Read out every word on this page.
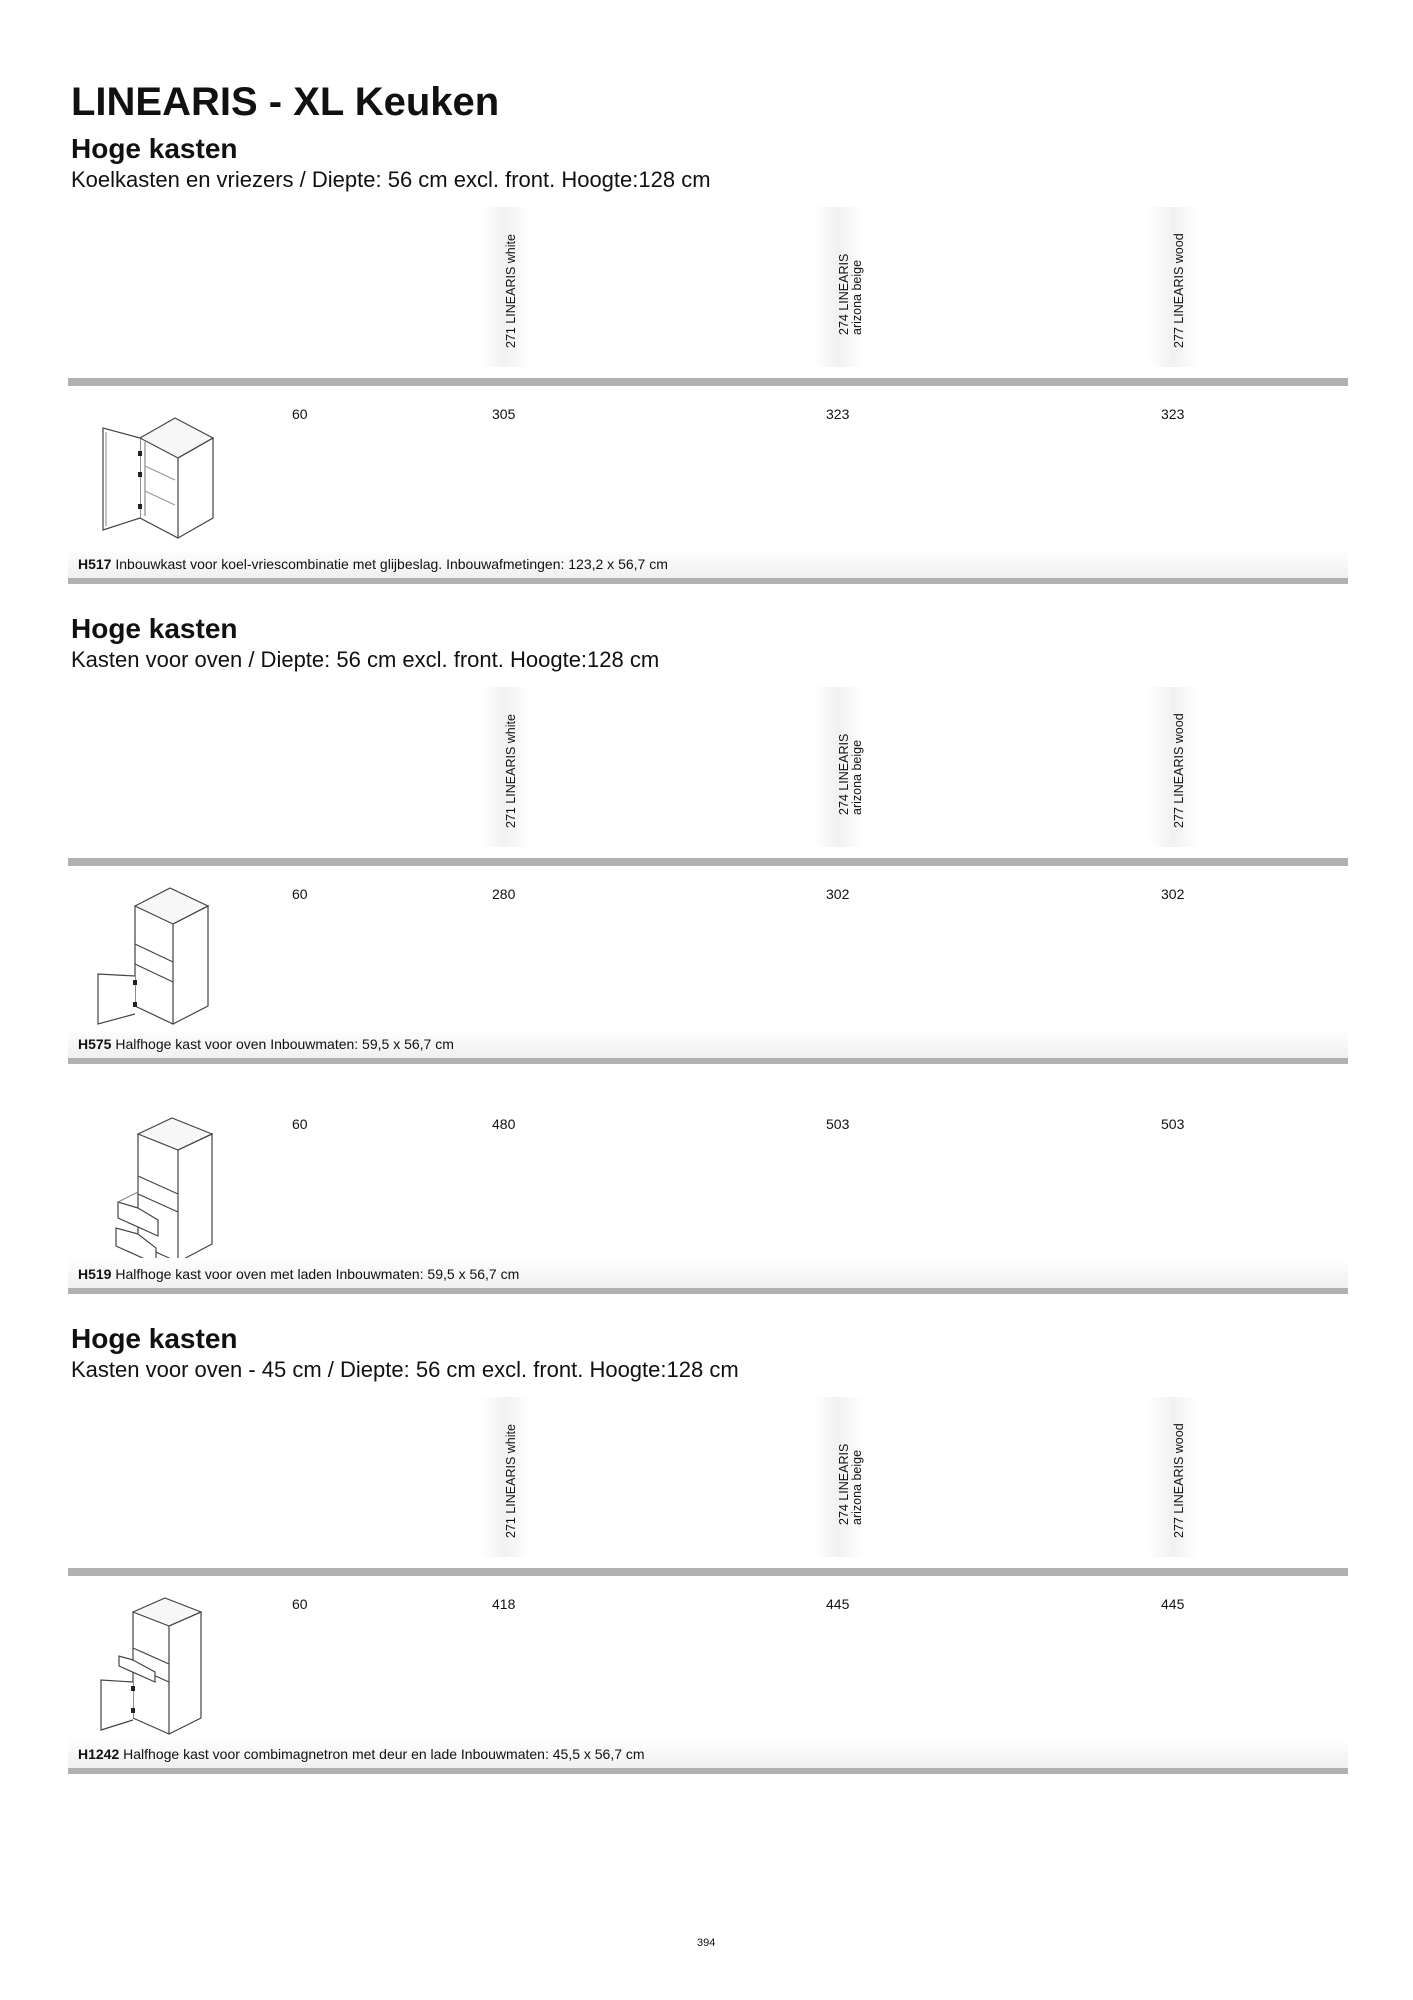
LINEARIS - XL Keuken
Hoge kasten
Koelkasten en vriezers / Diepte: 56 cm excl. front. Hoogte:128 cm
271 LINEARIS white	274 LINEARIS arizona beige	277 LINEARIS wood
60	305	323	323
H517 Inbouwkast voor koel-vriescombinatie met glijbeslag. Inbouwafmetingen: 123,2 x 56,7 cm
Hoge kasten
Kasten voor oven / Diepte: 56 cm excl. front. Hoogte:128 cm
271 LINEARIS white	274 LINEARIS arizona beige	277 LINEARIS wood
60	280	302	302
H575 Halfhoge kast voor oven Inbouwmaten: 59,5 x 56,7 cm
60	480	503	503
H519 Halfhoge kast voor oven met laden Inbouwmaten: 59,5 x 56,7 cm
Hoge kasten
Kasten voor oven - 45 cm / Diepte: 56 cm excl. front. Hoogte:128 cm
271 LINEARIS white	274 LINEARIS arizona beige	277 LINEARIS wood
60	418	445	445
H1242 Halfhoge kast voor combimagnetron met deur en lade Inbouwmaten: 45,5 x 56,7 cm
394
